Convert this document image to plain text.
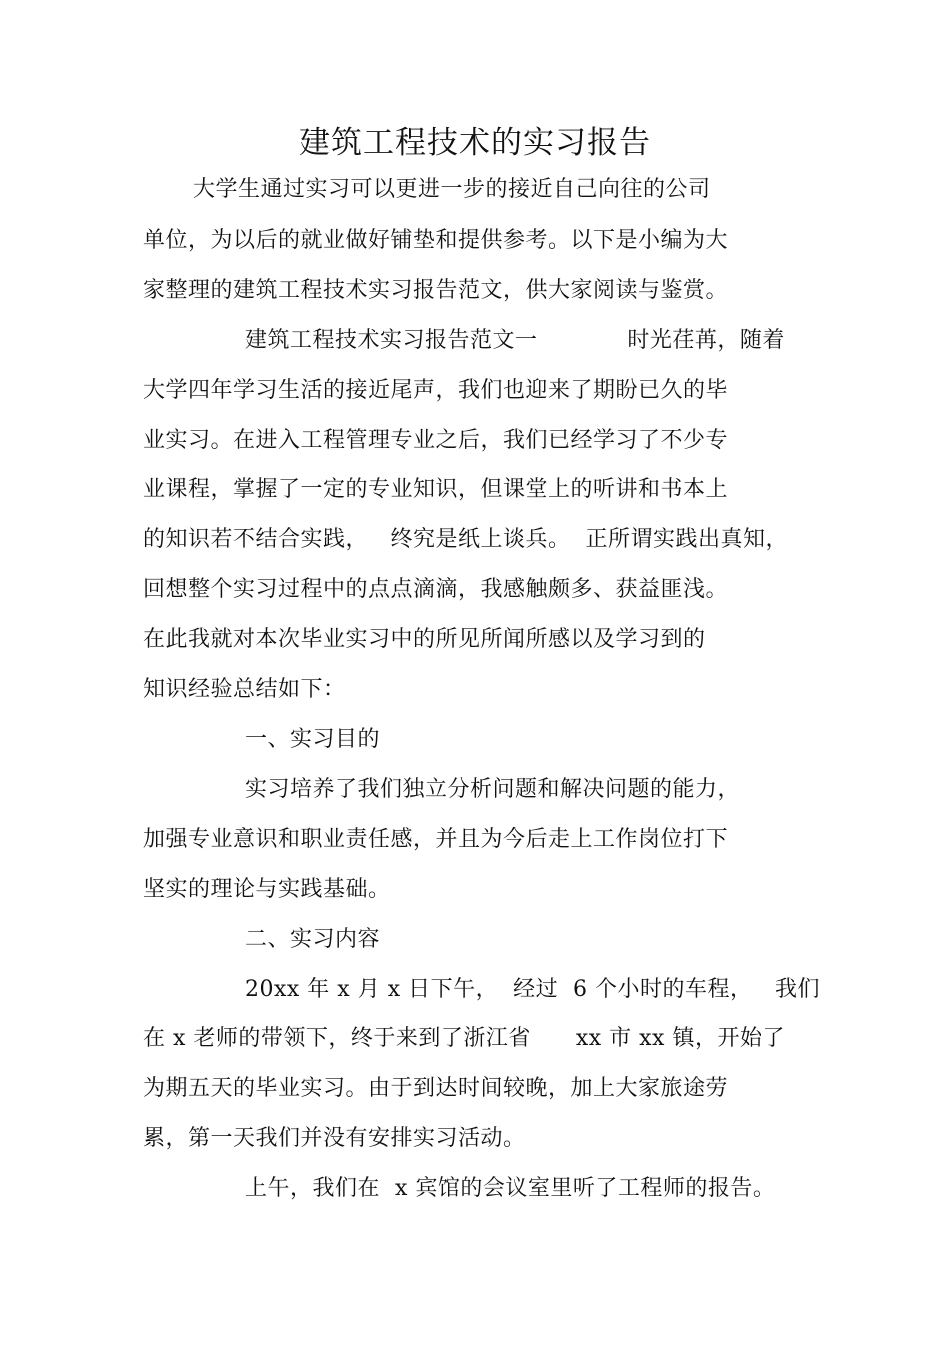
建筑工程技术的实习报告
大学生通过实习可以更进一步的接近自己向往的公司
单位，为以后的就业做好铺垫和提供参考。以下是小编为大
家整理的建筑工程技术实习报告范文，供大家阅读与鉴赏。
建筑工程技术实习报告范文一            时光荏苒，随着
大学四年学习生活的接近尾声，我们也迎来了期盼已久的毕
业实习。在进入工程管理专业之后，我们已经学习了不少专
业课程，掌握了一定的专业知识，但课堂上的听讲和书本上
的知识若不结合实践，   终究是纸上谈兵。  正所谓实践出真知，
回想整个实习过程中的点点滴滴，我感触颇多、获益匪浅。
在此我就对本次毕业实习中的所见所闻所感以及学习到的
知识经验总结如下：
一、实习目的
实习培养了我们独立分析问题和解决问题的能力，
加强专业意识和职业责任感，并且为今后走上工作岗位打下
坚实的理论与实践基础。
二、实习内容
20xx 年 x 月 x 日下午，  经过  6 个小时的车程，   我们
在 x 老师的带领下，终于来到了浙江省      xx 市 xx 镇，开始了
为期五天的毕业实习。由于到达时间较晚，加上大家旅途劳
累，第一天我们并没有安排实习活动。
上午，我们在  x 宾馆的会议室里听了工程师的报告。
